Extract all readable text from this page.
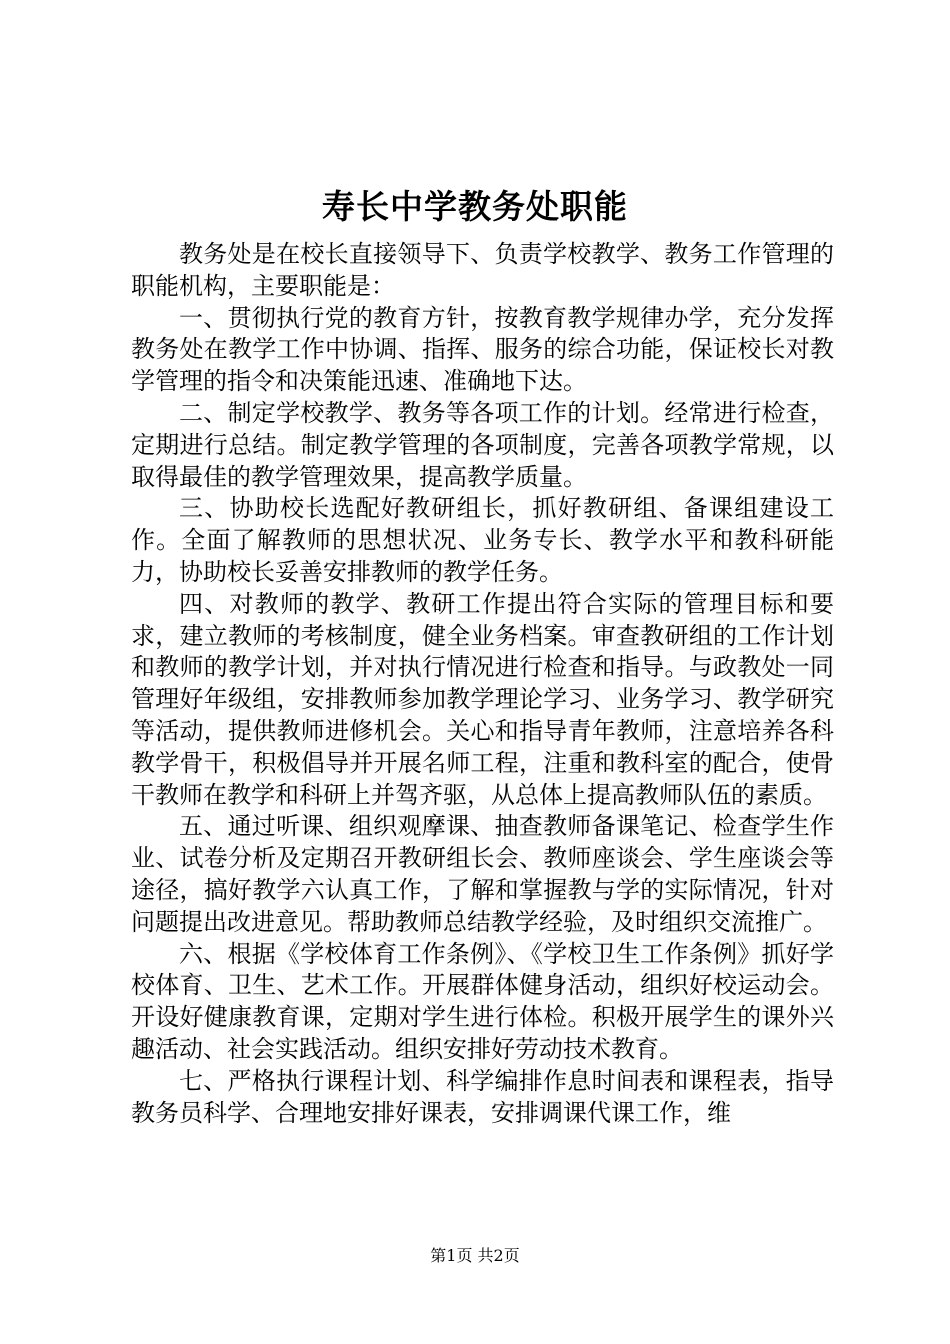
寿长中学教务处职能

教务处是在校长直接领导下、负责学校教学、教务工作管理的职能机构，主要职能是：

一、贯彻执行党的教育方针，按教育教学规律办学，充分发挥教务处在教学工作中协调、指挥、服务的综合功能，保证校长对教学管理的指令和决策能迅速、准确地下达。

二、制定学校教学、教务等各项工作的计划。经常进行检查，定期进行总结。制定教学管理的各项制度，完善各项教学常规，以取得最佳的教学管理效果，提高教学质量。

三、协助校长选配好教研组长，抓好教研组、备课组建设工作。全面了解教师的思想状况、业务专长、教学水平和教科研能力，协助校长妥善安排教师的教学任务。

四、对教师的教学、教研工作提出符合实际的管理目标和要求，建立教师的考核制度，健全业务档案。审查教研组的工作计划和教师的教学计划，并对执行情况进行检查和指导。与政教处一同管理好年级组，安排教师参加教学理论学习、业务学习、教学研究等活动，提供教师进修机会。关心和指导青年教师，注意培养各科教学骨干，积极倡导并开展名师工程，注重和教科室的配合，使骨干教师在教学和科研上并驾齐驱，从总体上提高教师队伍的素质。

五、通过听课、组织观摩课、抽查教师备课笔记、检查学生作业、试卷分析及定期召开教研组长会、教师座谈会、学生座谈会等途径，搞好教学六认真工作，了解和掌握教与学的实际情况，针对问题提出改进意见。帮助教师总结教学经验，及时组织交流推广。

六、根据《学校体育工作条例》、《学校卫生工作条例》抓好学校体育、卫生、艺术工作。开展群体健身活动，组织好校运动会。开设好健康教育课，定期对学生进行体检。积极开展学生的课外兴趣活动、社会实践活动。组织安排好劳动技术教育。

七、严格执行课程计划、科学编排作息时间表和课程表，指导教务员科学、合理地安排好课表，安排调课代课工作，维

第1页 共2页
